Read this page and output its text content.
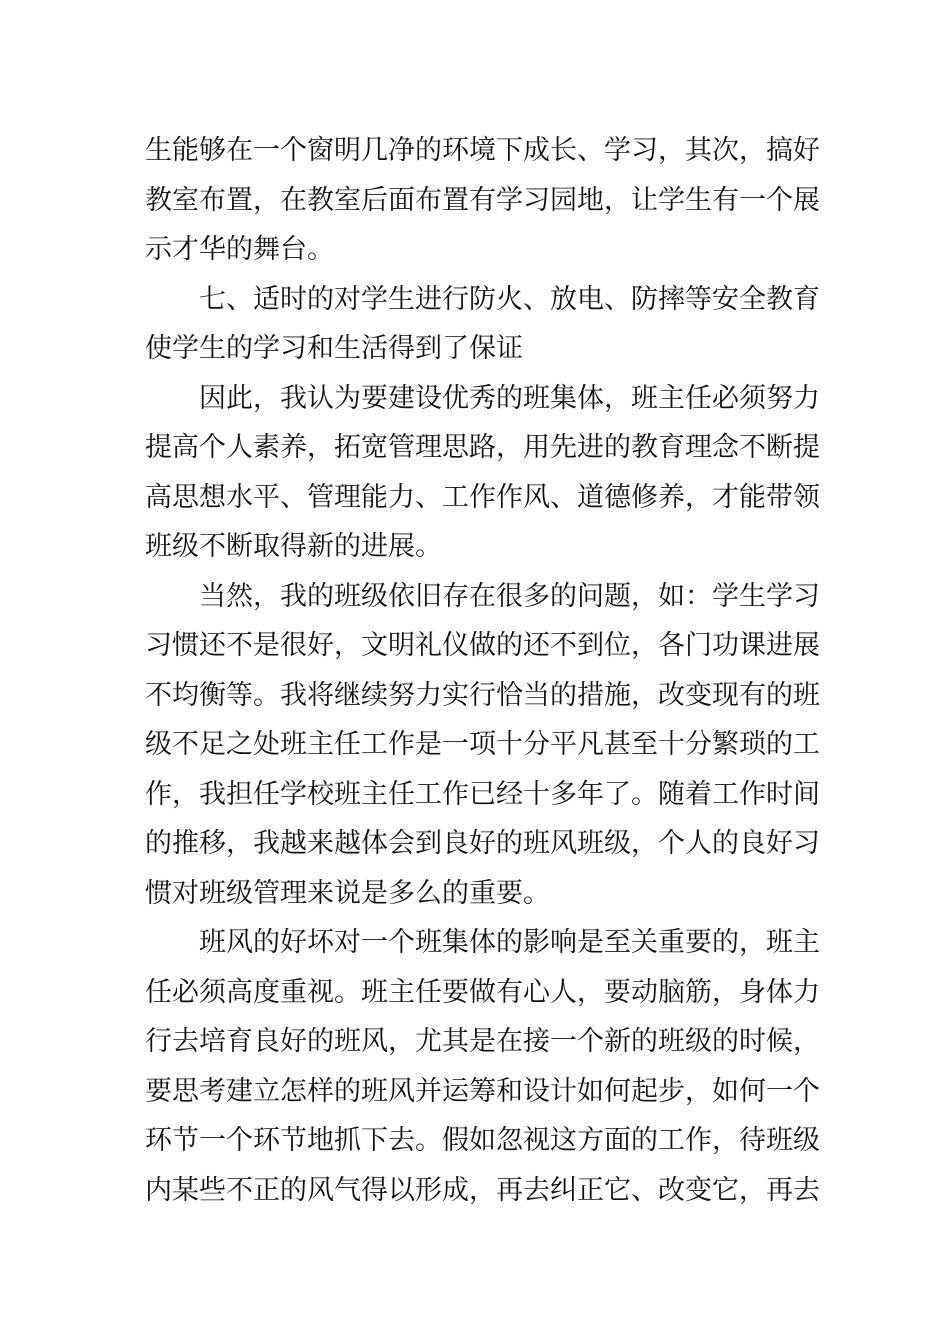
生能够在一个窗明几净的环境下成长、学习，其次，搞好
教室布置，在教室后面布置有学习园地，让学生有一个展
示才华的舞台。
七、适时的对学生进行防火、放电、防摔等安全教育
使学生的学习和生活得到了保证
因此，我认为要建设优秀的班集体，班主任必须努力
提高个人素养，拓宽管理思路，用先进的教育理念不断提
高思想水平、管理能力、工作作风、道德修养，才能带领
班级不断取得新的进展。
当然，我的班级依旧存在很多的问题，如：学生学习
习惯还不是很好，文明礼仪做的还不到位，各门功课进展
不均衡等。我将继续努力实行恰当的措施，改变现有的班
级不足之处班主任工作是一项十分平凡甚至十分繁琐的工
作，我担任学校班主任工作已经十多年了。随着工作时间
的推移，我越来越体会到良好的班风班级，个人的良好习
惯对班级管理来说是多么的重要。
班风的好坏对一个班集体的影响是至关重要的，班主
任必须高度重视。班主任要做有心人，要动脑筋，身体力
行去培育良好的班风，尤其是在接一个新的班级的时候，
要思考建立怎样的班风并运筹和设计如何起步，如何一个
环节一个环节地抓下去。假如忽视这方面的工作，待班级
内某些不正的风气得以形成，再去纠正它、改变它，再去
